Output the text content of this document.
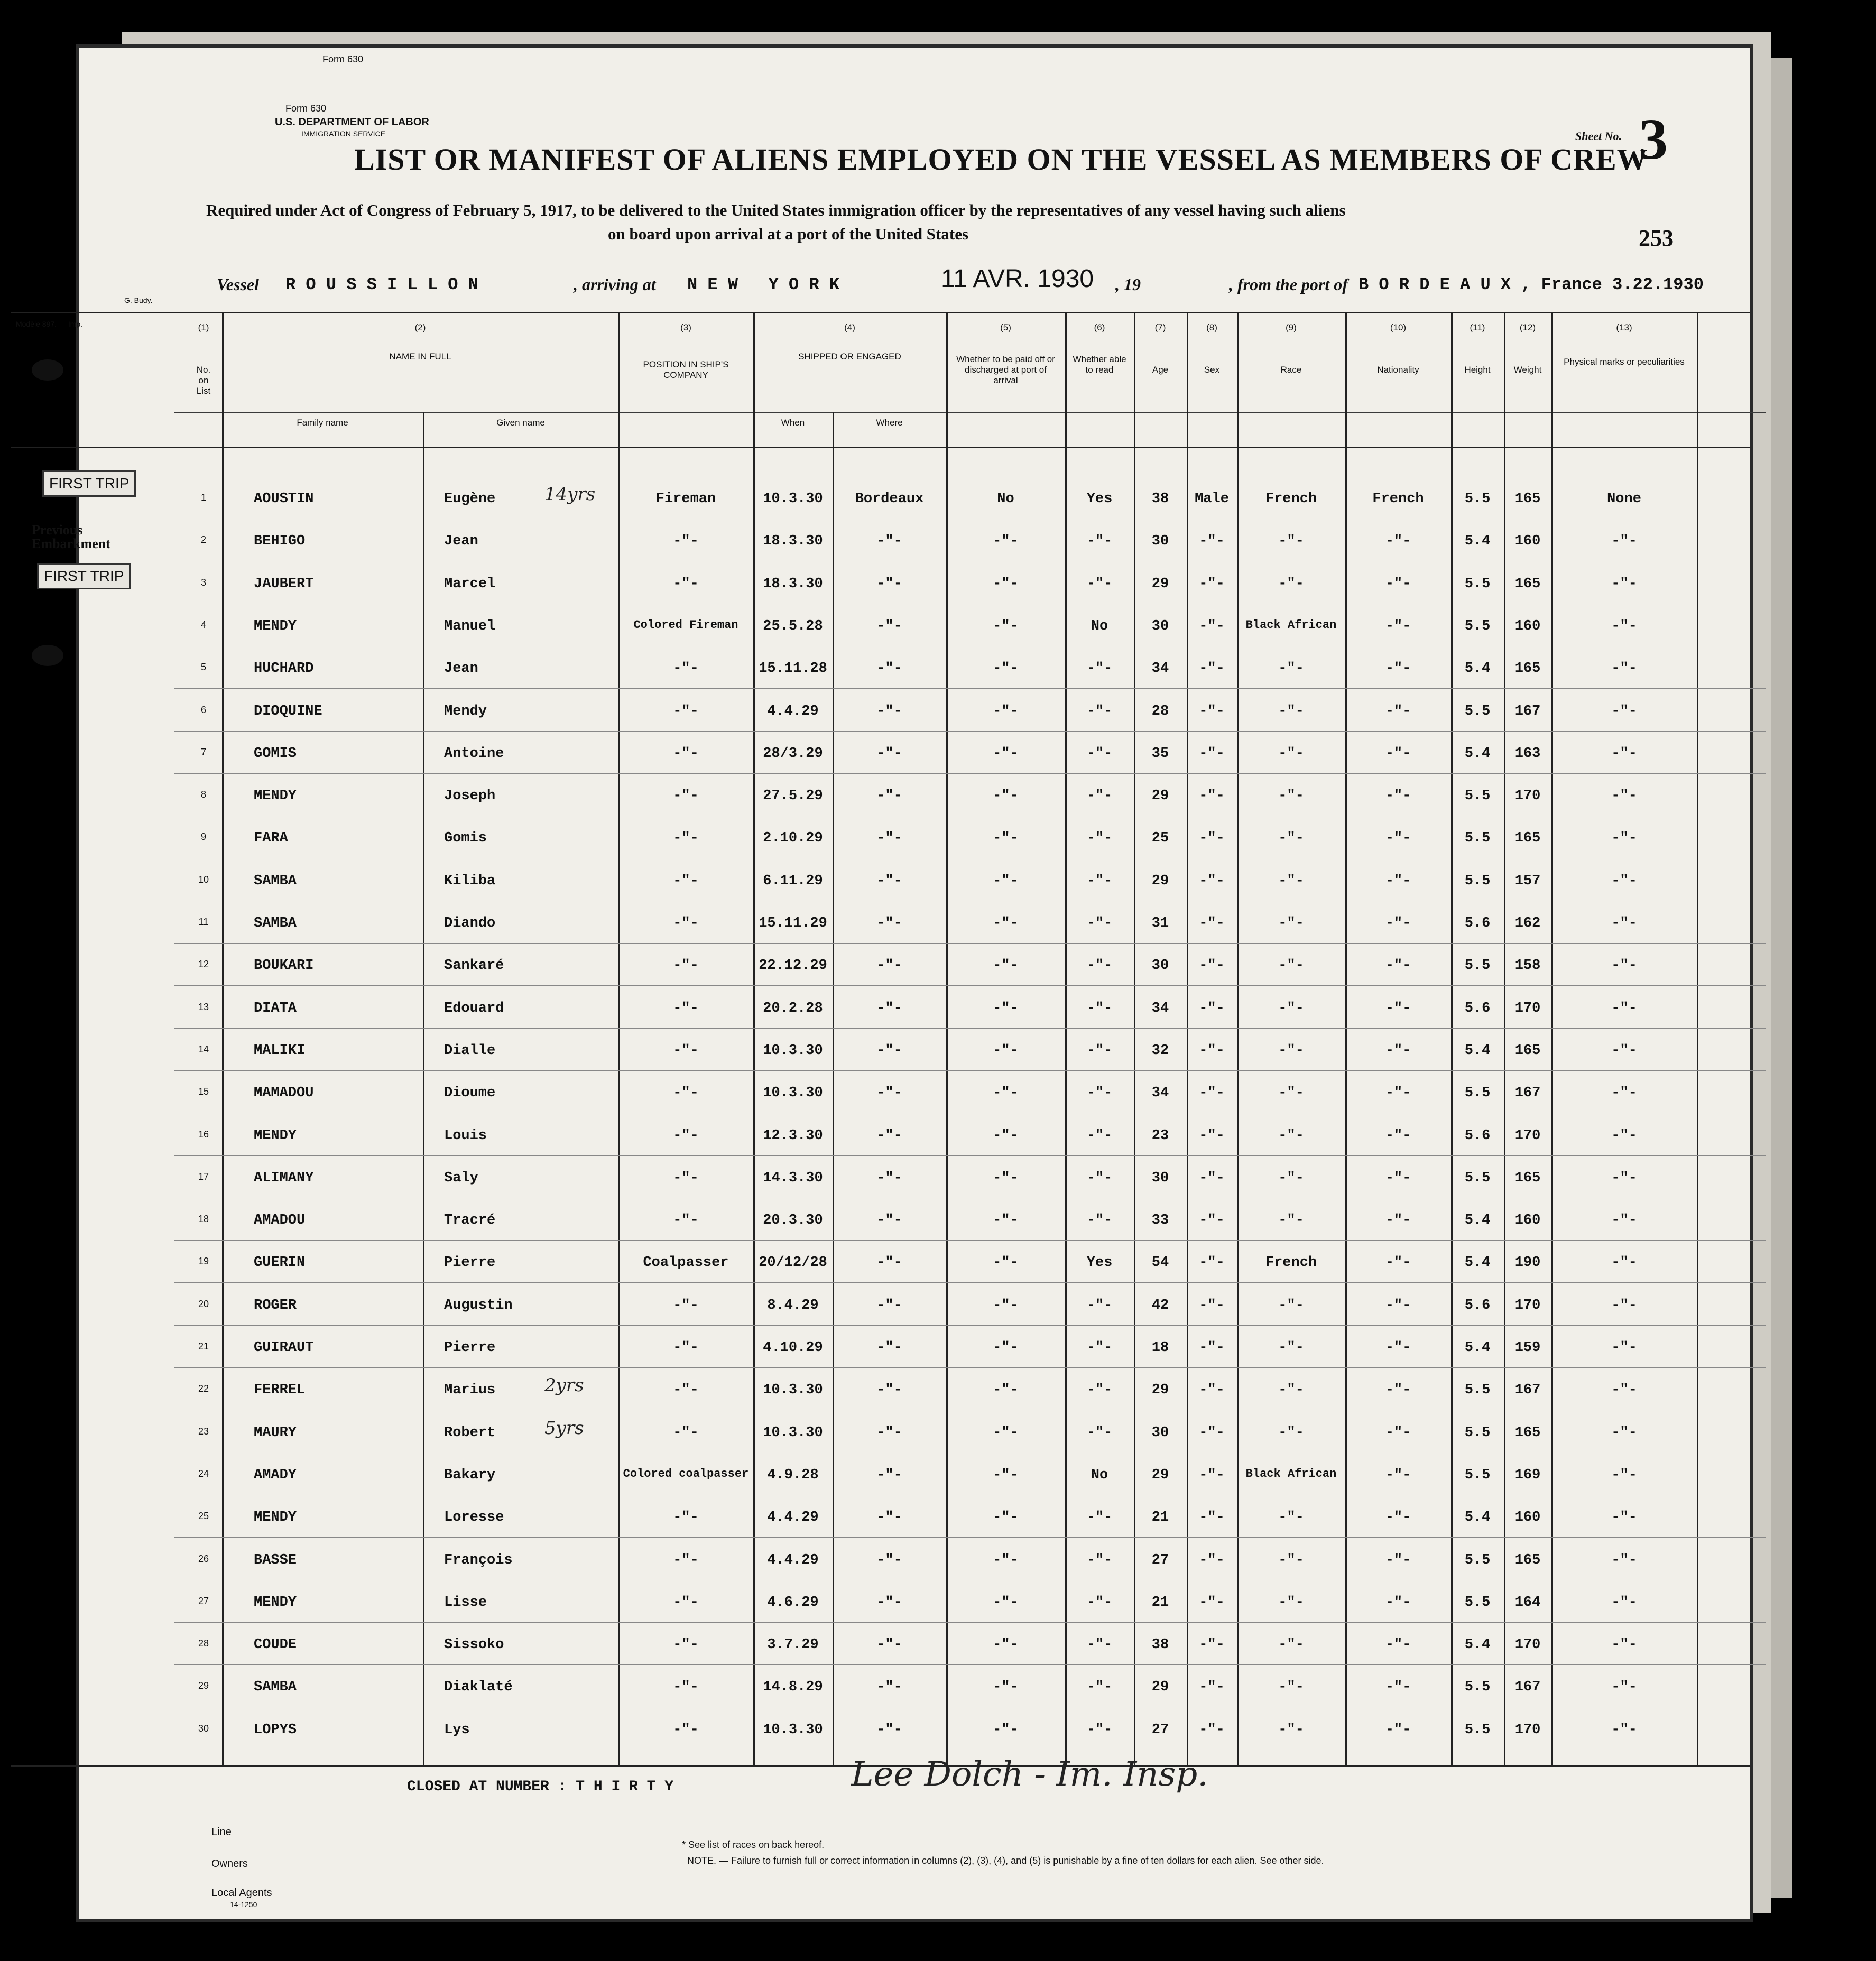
Form 630
Form 630
U.S. DEPARTMENT OF LABOR
IMMIGRATION SERVICE	Sheet No. 3
253
LIST OR MANIFEST OF ALIENS EMPLOYED ON THE VESSEL AS MEMBERS OF CREW
Required under Act of Congress of February 5, 1917, to be delivered to the United States immigration officer by the representatives of any vessel having such aliens
on board upon arrival at a port of the United States
Vessel R O U S S I L L O N	, arriving at N E W   Y O R K	11 AVR. 1930 , 19	, from the port of B O R D E A U X , France 3.22.1930
Modèle 897. — Imp.
G. Budy.
(1)
No.
on
List
(2)
NAME IN FULL
Family name	Given name
(3)
POSITION IN SHIP'S COMPANY
(4)
SHIPPED OR ENGAGED
When	Where
(5)
Whether to be paid off or discharged at port of arrival
(6)
Whether able to read
(7)
Age
(8)
Sex
(9)
Race
(10)
Nationality
(11)
Height
(12)
Weight
(13)
Physical marks or peculiarities
1	AOUSTIN	Eugène	Fireman	10.3.30	Bordeaux	No	Yes	38	Male	French	French	5.5	165	None
14yrs
2	BEHIGO	Jean	-"-	18.3.30	-"-	-"-	-"-	30	-"-	-"-	-"-	5.4	160	-"-
3	JAUBERT	Marcel	-"-	18.3.30	-"-	-"-	-"-	29	-"-	-"-	-"-	5.5	165	-"-
4	MENDY	Manuel	Colored Fireman	25.5.28	-"-	-"-	No	30	-"-	Black African	-"-	5.5	160	-"-
5	HUCHARD	Jean	-"-	15.11.28	-"-	-"-	-"-	34	-"-	-"-	-"-	5.4	165	-"-
6	DIOQUINE	Mendy	-"-	4.4.29	-"-	-"-	-"-	28	-"-	-"-	-"-	5.5	167	-"-
7	GOMIS	Antoine	-"-	28/3.29	-"-	-"-	-"-	35	-"-	-"-	-"-	5.4	163	-"-
8	MENDY	Joseph	-"-	27.5.29	-"-	-"-	-"-	29	-"-	-"-	-"-	5.5	170	-"-
9	FARA	Gomis	-"-	2.10.29	-"-	-"-	-"-	25	-"-	-"-	-"-	5.5	165	-"-
10	SAMBA	Kiliba	-"-	6.11.29	-"-	-"-	-"-	29	-"-	-"-	-"-	5.5	157	-"-
11	SAMBA	Diando	-"-	15.11.29	-"-	-"-	-"-	31	-"-	-"-	-"-	5.6	162	-"-
12	BOUKARI	Sankaré	-"-	22.12.29	-"-	-"-	-"-	30	-"-	-"-	-"-	5.5	158	-"-
13	DIATA	Edouard	-"-	20.2.28	-"-	-"-	-"-	34	-"-	-"-	-"-	5.6	170	-"-
14	MALIKI	Dialle	-"-	10.3.30	-"-	-"-	-"-	32	-"-	-"-	-"-	5.4	165	-"-
15	MAMADOU	Dioume	-"-	10.3.30	-"-	-"-	-"-	34	-"-	-"-	-"-	5.5	167	-"-
16	MENDY	Louis	-"-	12.3.30	-"-	-"-	-"-	23	-"-	-"-	-"-	5.6	170	-"-
17	ALIMANY	Saly	-"-	14.3.30	-"-	-"-	-"-	30	-"-	-"-	-"-	5.5	165	-"-
18	AMADOU	Tracré	-"-	20.3.30	-"-	-"-	-"-	33	-"-	-"-	-"-	5.4	160	-"-
19	GUERIN	Pierre	Coalpasser	20/12/28	-"-	-"-	Yes	54	-"-	French	-"-	5.4	190	-"-
20	ROGER	Augustin	-"-	8.4.29	-"-	-"-	-"-	42	-"-	-"-	-"-	5.6	170	-"-
21	GUIRAUT	Pierre	-"-	4.10.29	-"-	-"-	-"-	18	-"-	-"-	-"-	5.4	159	-"-
22	FERREL	Marius	-"-	10.3.30	-"-	-"-	-"-	29	-"-	-"-	-"-	5.5	167	-"-
2yrs
23	MAURY	Robert	-"-	10.3.30	-"-	-"-	-"-	30	-"-	-"-	-"-	5.5	165	-"-
5yrs
24	AMADY	Bakary	Colored coalpasser	4.9.28	-"-	-"-	No	29	-"-	Black African	-"-	5.5	169	-"-
25	MENDY	Loresse	-"-	4.4.29	-"-	-"-	-"-	21	-"-	-"-	-"-	5.4	160	-"-
26	BASSE	François	-"-	4.4.29	-"-	-"-	-"-	27	-"-	-"-	-"-	5.5	165	-"-
27	MENDY	Lisse	-"-	4.6.29	-"-	-"-	-"-	21	-"-	-"-	-"-	5.5	164	-"-
28	COUDE	Sissoko	-"-	3.7.29	-"-	-"-	-"-	38	-"-	-"-	-"-	5.4	170	-"-
29	SAMBA	Diaklaté	-"-	14.8.29	-"-	-"-	-"-	29	-"-	-"-	-"-	5.5	167	-"-
30	LOPYS	Lys	-"-	10.3.30	-"-	-"-	-"-	27	-"-	-"-	-"-	5.5	170	-"-
CLOSED AT NUMBER : T H I R T Y	Lee Dolch - Im. Insp.
Line
Owners
Local Agents
14-1250
* See list of races on back hereof.
NOTE. — Failure to furnish full or correct information in columns (2), (3), (4), and (5) is punishable by a fine of ten dollars for each alien. See other side.
FIRST TRIP
FIRST TRIP
Previous Embarkment
